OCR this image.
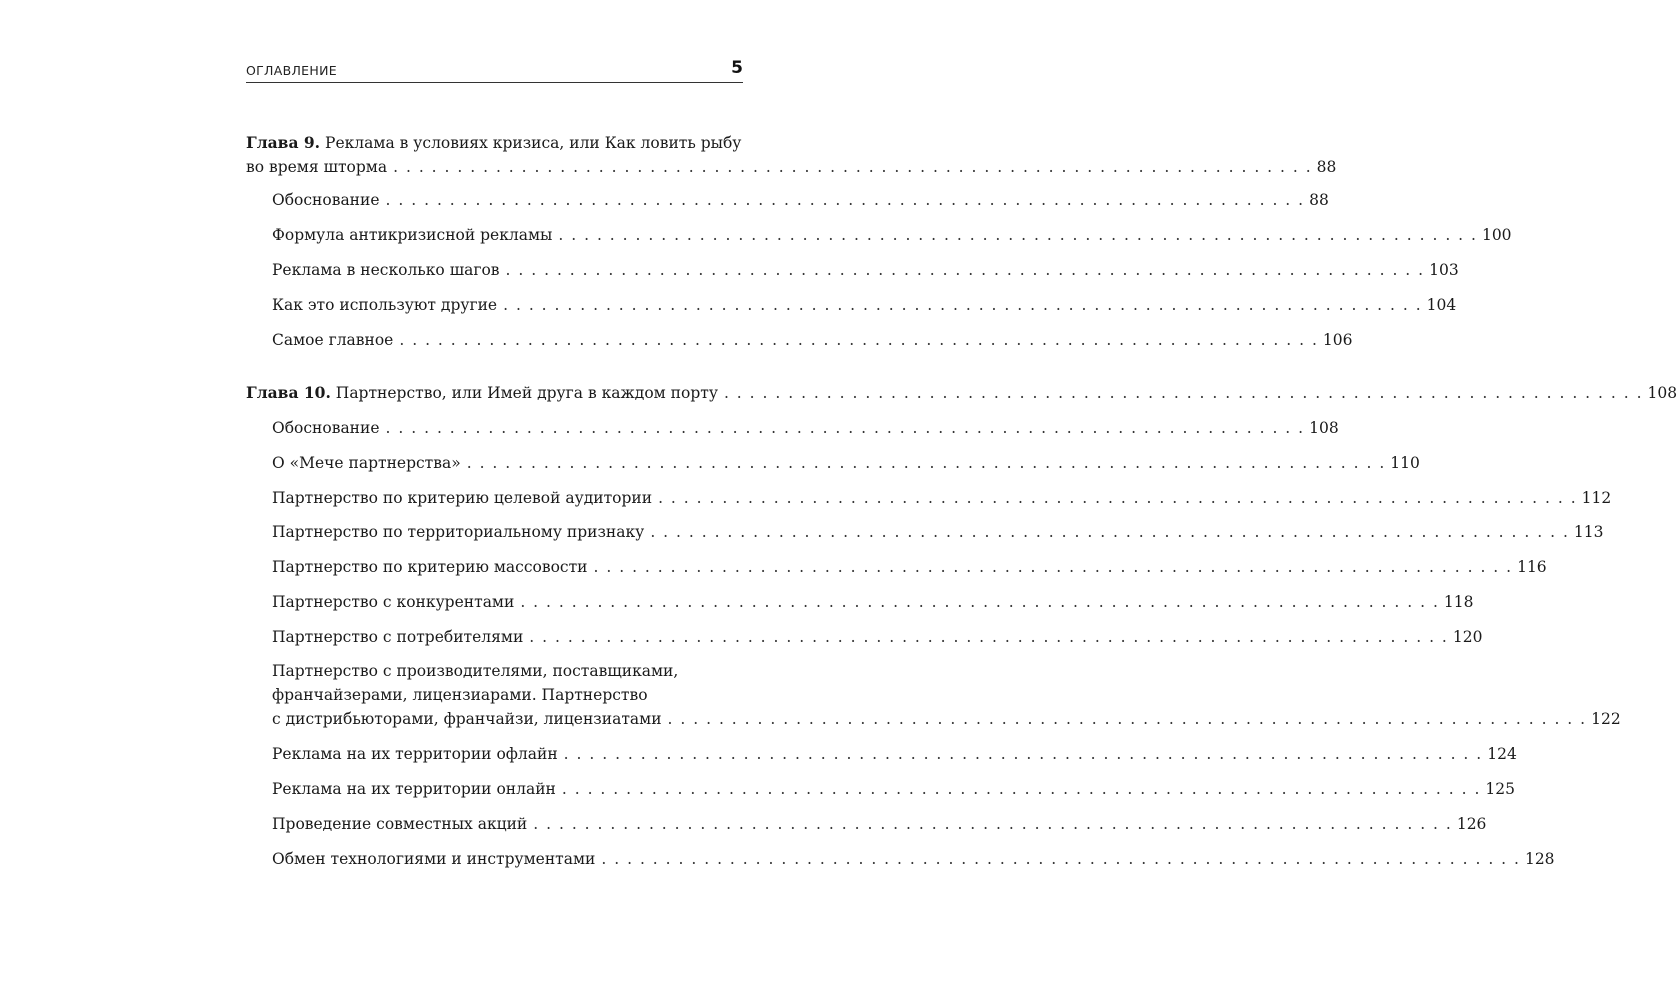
ОГЛАВЛЕНИЕ	5
Глава 9. Реклама в условиях кризиса, или Как ловить рыбу
во время шторма . . .	88
Обоснование . . .	88
Формула антикризисной рекламы . . .	100
Реклама в несколько шагов . . .	103
Как это используют другие . . .	104
Самое главное . . .	106
Глава 10. Партнерство, или Имей друга в каждом порту . . .	108
Обоснование . . .	108
О «Мече партнерства» . . .	110
Партнерство по критерию целевой аудитории . . .	112
Партнерство по территориальному признаку . . .	113
Партнерство по критерию массовости . . .	116
Партнерство с конкурентами . . .	118
Партнерство с потребителями . . .	120
Партнерство с производителями, поставщиками,
франчайзерами, лицензиарами. Партнерство
с дистрибьюторами, франчайзи, лицензиатами . . .	122
Реклама на их территории офлайн . . .	124
Реклама на их территории онлайн . . .	125
Проведение совместных акций . . .	126
Обмен технологиями и инструментами . . .	128
